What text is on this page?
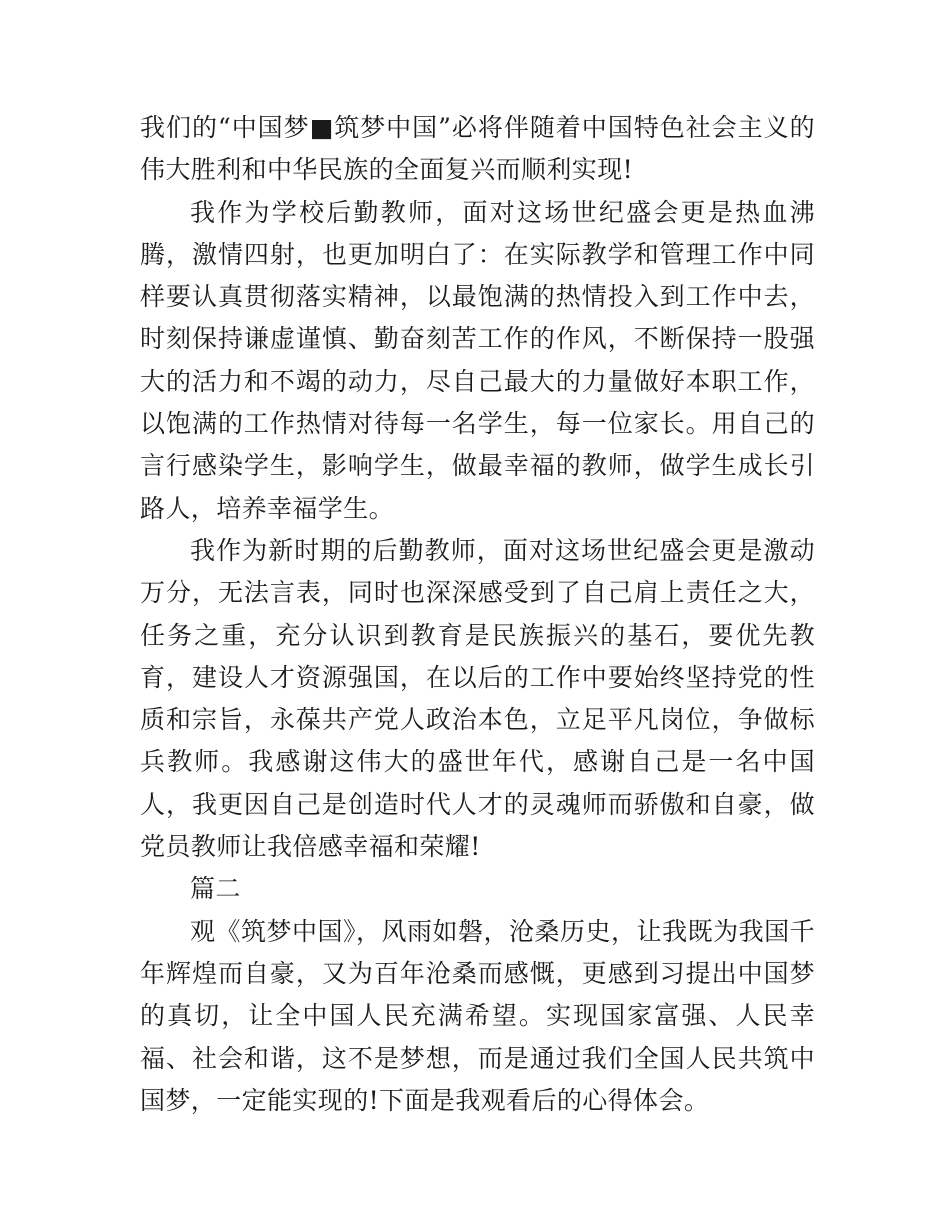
我们的“中国梦■筑梦中国”必将伴随着中国特色社会主义的伟大胜利和中华民族的全面复兴而顺利实现!

我作为学校后勤教师，面对这场世纪盛会更是热血沸腾，激情四射，也更加明白了：在实际教学和管理工作中同样要认真贯彻落实精神，以最饱满的热情投入到工作中去，时刻保持谦虚谨慎、勤奋刻苦工作的作风，不断保持一股强大的活力和不竭的动力，尽自己最大的力量做好本职工作，以饱满的工作热情对待每一名学生，每一位家长。用自己的言行感染学生，影响学生，做最幸福的教师，做学生成长引路人，培养幸福学生。

我作为新时期的后勤教师，面对这场世纪盛会更是激动万分，无法言表，同时也深深感受到了自己肩上责任之大，任务之重，充分认识到教育是民族振兴的基石，要优先教育，建设人才资源强国，在以后的工作中要始终坚持党的性质和宗旨，永葆共产党人政治本色，立足平凡岗位，争做标兵教师。我感谢这伟大的盛世年代，感谢自己是一名中国人，我更因自己是创造时代人才的灵魂师而骄傲和自豪，做党员教师让我倍感幸福和荣耀!

篇二

观《筑梦中国》，风雨如磐，沧桑历史，让我既为我国千年辉煌而自豪，又为百年沧桑而感慨，更感到习提出中国梦的真切，让全中国人民充满希望。实现国家富强、人民幸福、社会和谐，这不是梦想，而是通过我们全国人民共筑中国梦，一定能实现的!下面是我观看后的心得体会。
